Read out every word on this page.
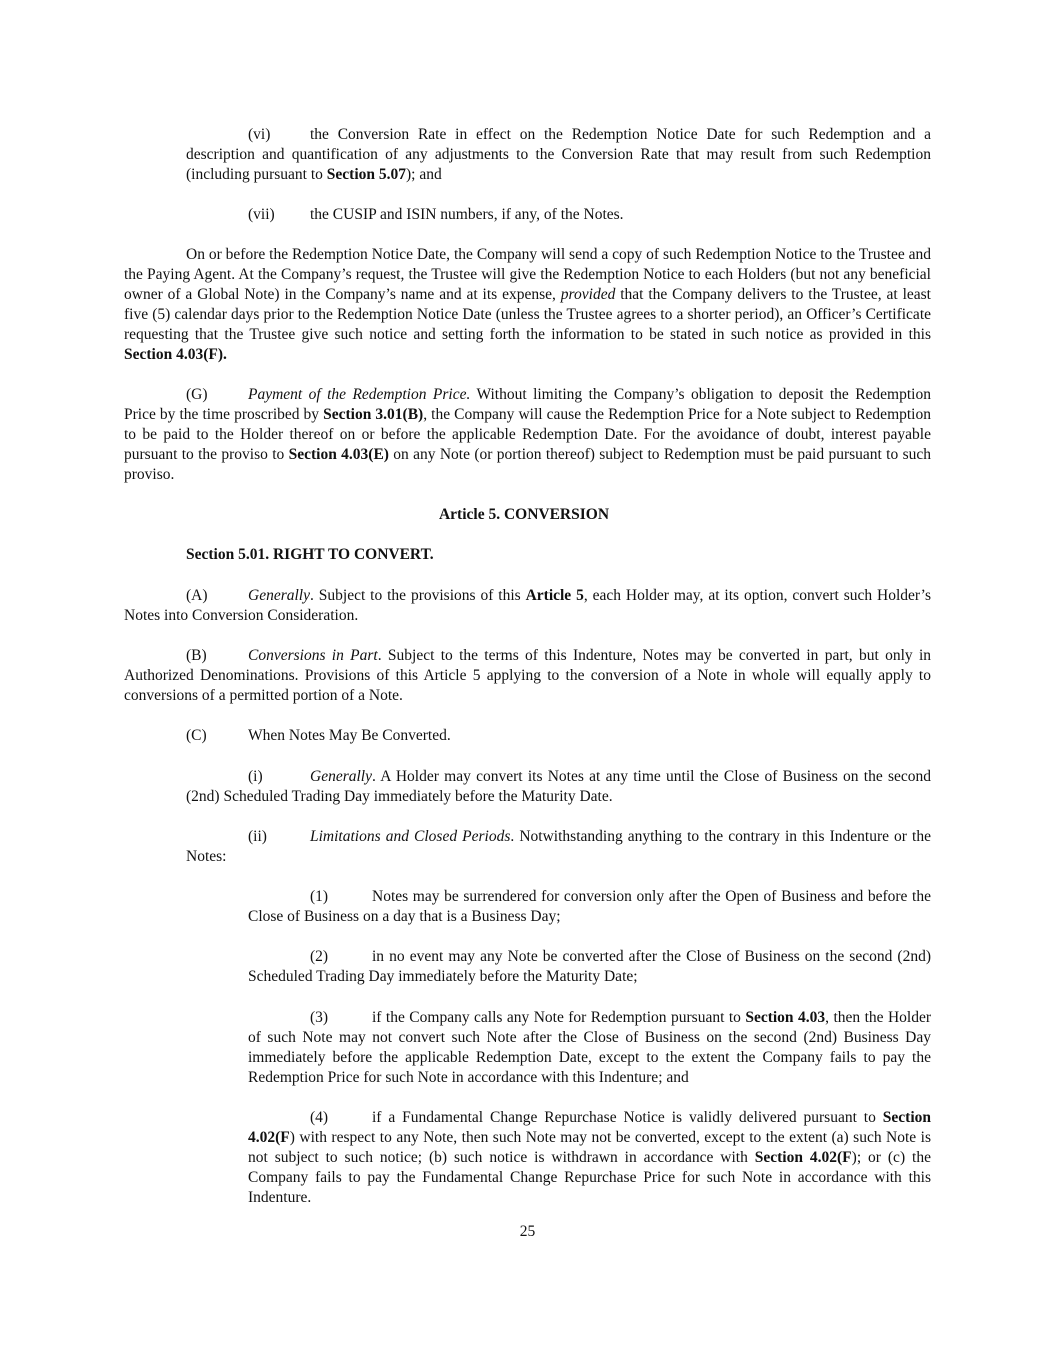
(vi)	the Conversion Rate in effect on the Redemption Notice Date for such Redemption and a description and quantification of any adjustments to the Conversion Rate that may result from such Redemption (including pursuant to Section 5.07); and

(vii) the CUSIP and ISIN numbers, if any, of the Notes.

On or before the Redemption Notice Date, the Company will send a copy of such Redemption Notice to the Trustee and the Paying Agent. At the Company’s request, the Trustee will give the Redemption Notice to each Holders (but not any beneficial owner of a Global Note) in the Company’s name and at its expense, provided that the Company delivers to the Trustee, at least five (5) calendar days prior to the Redemption Notice Date (unless the Trustee agrees to a shorter period), an Officer’s Certificate requesting that the Trustee give such notice and setting forth the information to be stated in such notice as provided in this Section 4.03(F).

(G)	Payment of the Redemption Price. Without limiting the Company’s obligation to deposit the Redemption Price by the time proscribed by Section 3.01(B), the Company will cause the Redemption Price for a Note subject to Redemption to be paid to the Holder thereof on or before the applicable Redemption Date. For the avoidance of doubt, interest payable pursuant to the proviso to Section 4.03(E) on any Note (or portion thereof) subject to Redemption must be paid pursuant to such proviso.

Article 5. CONVERSION

Section 5.01. RIGHT TO CONVERT.

(A)	Generally. Subject to the provisions of this Article 5, each Holder may, at its option, convert such Holder’s Notes into Conversion Consideration.

(B)	Conversions in Part. Subject to the terms of this Indenture, Notes may be converted in part, but only in Authorized Denominations. Provisions of this Article 5 applying to the conversion of a Note in whole will equally apply to conversions of a permitted portion of a Note.

(C)	When Notes May Be Converted.

(i)	Generally. A Holder may convert its Notes at any time until the Close of Business on the second (2nd) Scheduled Trading Day immediately before the Maturity Date.

(ii)	Limitations and Closed Periods. Notwithstanding anything to the contrary in this Indenture or the Notes:

(1)	Notes may be surrendered for conversion only after the Open of Business and before the Close of Business on a day that is a Business Day;

(2)	in no event may any Note be converted after the Close of Business on the second (2nd) Scheduled Trading Day immediately before the Maturity Date;

(3)	if the Company calls any Note for Redemption pursuant to Section 4.03, then the Holder of such Note may not convert such Note after the Close of Business on the second (2nd) Business Day immediately before the applicable Redemption Date, except to the extent the Company fails to pay the Redemption Price for such Note in accordance with this Indenture; and

(4)	if a Fundamental Change Repurchase Notice is validly delivered pursuant to Section 4.02(F) with respect to any Note, then such Note may not be converted, except to the extent (a) such Note is not subject to such notice; (b) such notice is withdrawn in accordance with Section 4.02(F); or (c) the Company fails to pay the Fundamental Change Repurchase Price for such Note in accordance with this Indenture.

25
